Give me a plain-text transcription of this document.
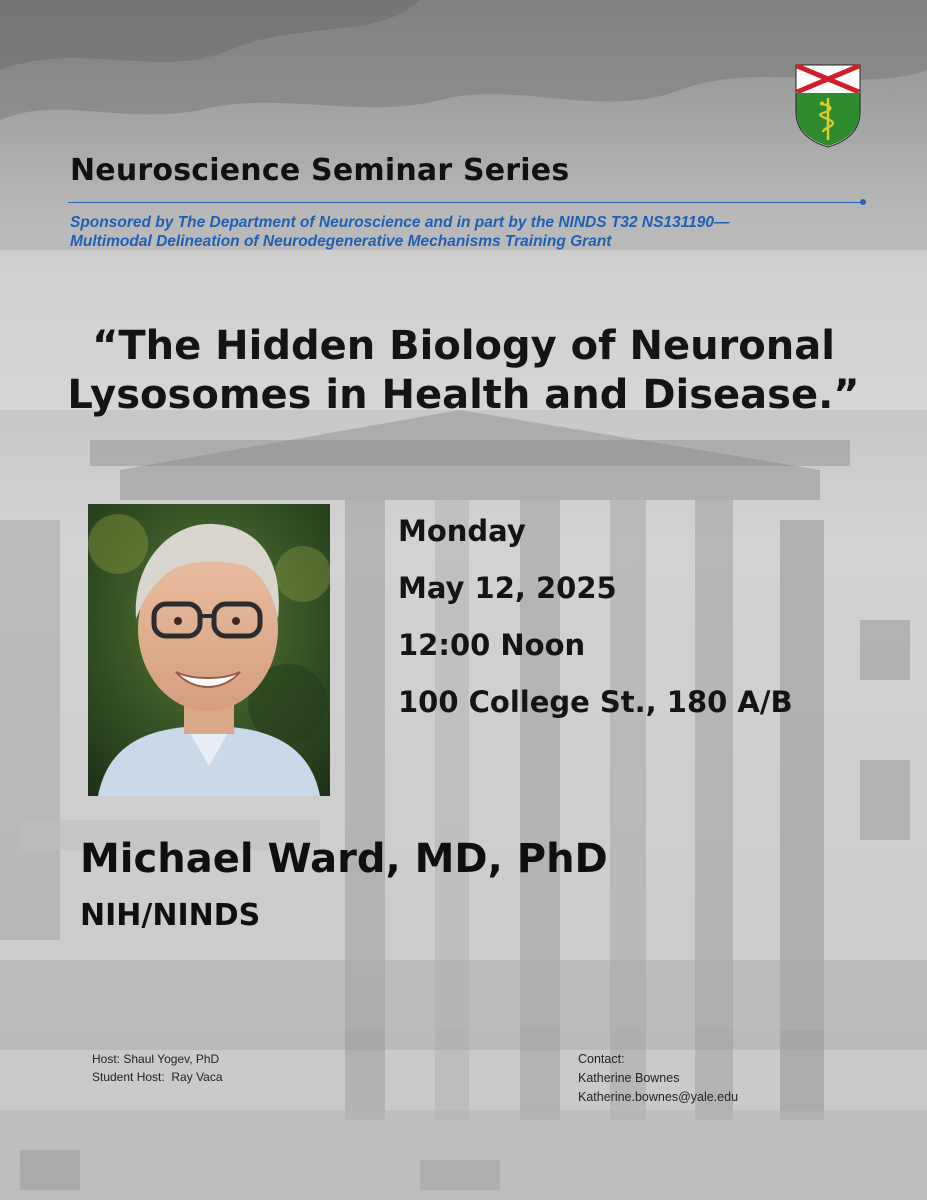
Neuroscience Seminar Series
Sponsored by The Department of Neuroscience and in part by the NINDS T32 NS131190—
Multimodal Delineation of Neurodegenerative Mechanisms Training Grant
“The Hidden Biology of Neuronal
Lysosomes in Health and Disease.”
Monday
May 12, 2025
12:00 Noon
100 College St., 180 A/B
Michael Ward, MD, PhD
NIH/NINDS
Host: Shaul Yogev, PhD
Student Host: Ray Vaca
Contact:
Katherine Bownes
Katherine.bownes@yale.edu
